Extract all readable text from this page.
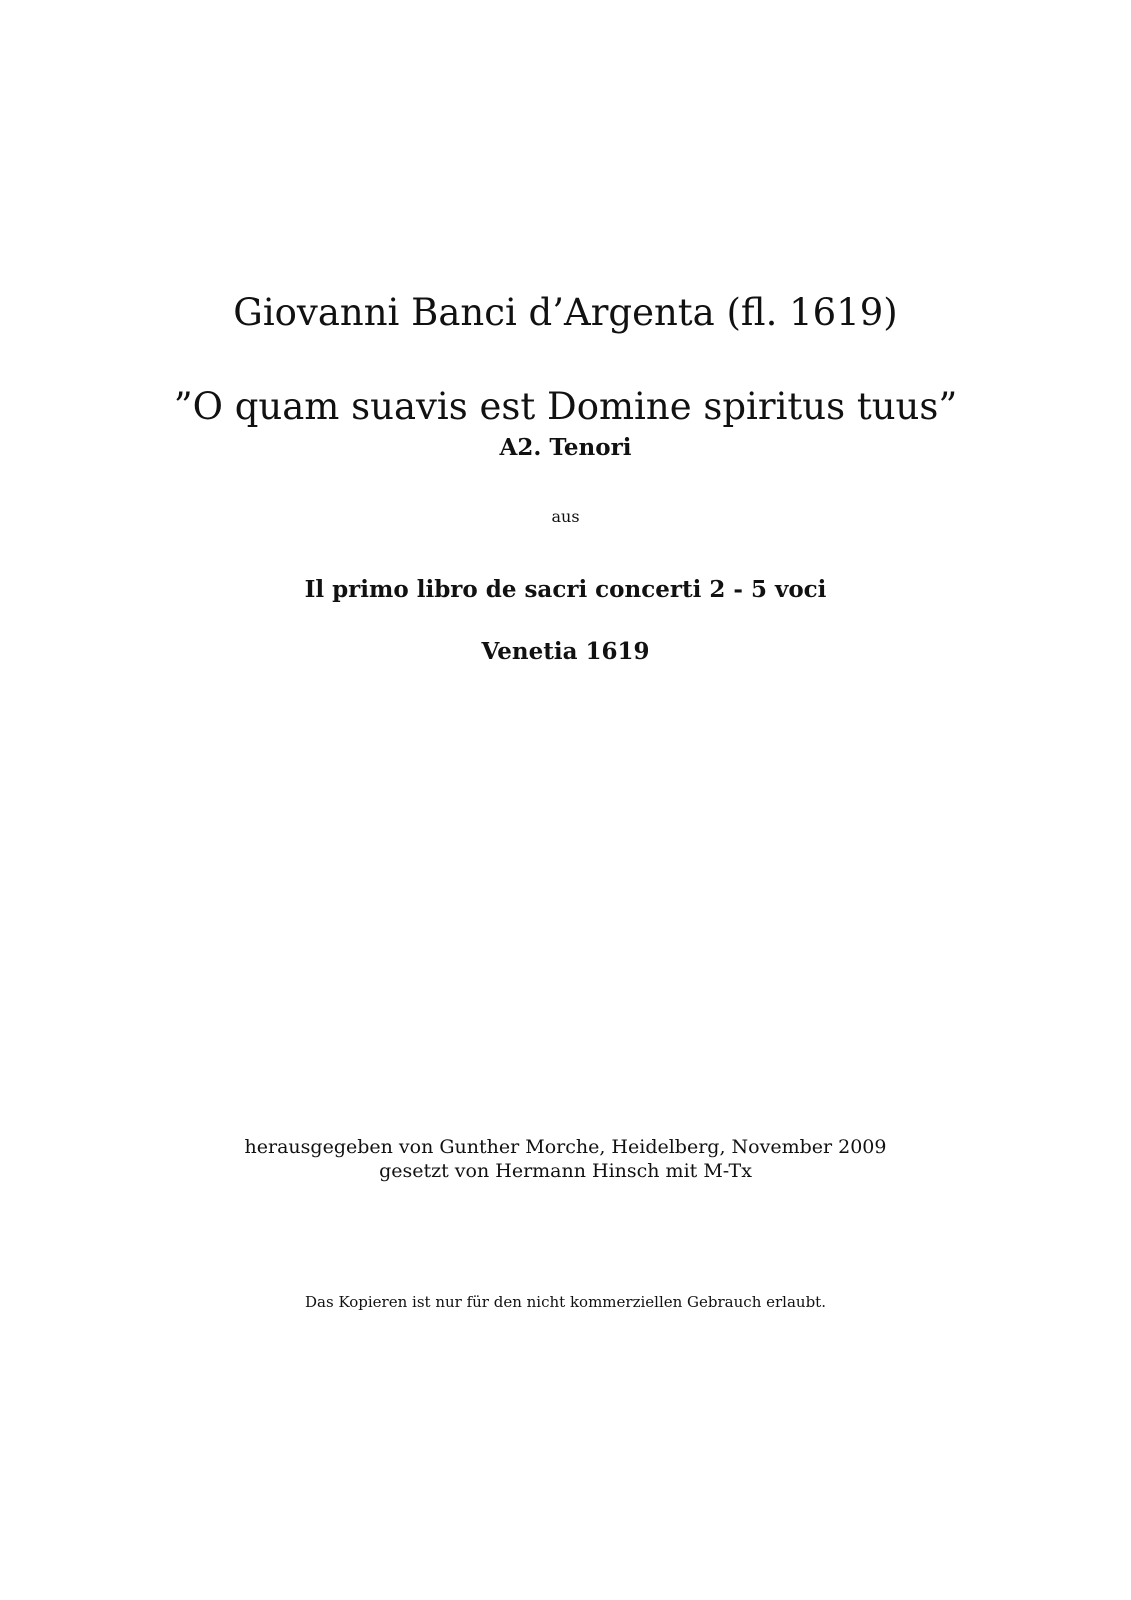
Giovanni Banci d’Argenta (fl. 1619)
”O quam suavis est Domine spiritus tuus”
A2. Tenori
aus
Il primo libro de sacri concerti 2 - 5 voci
Venetia 1619
herausgegeben von Gunther Morche, Heidelberg, November 2009
gesetzt von Hermann Hinsch mit M-Tx
Das Kopieren ist nur für den nicht kommerziellen Gebrauch erlaubt.
